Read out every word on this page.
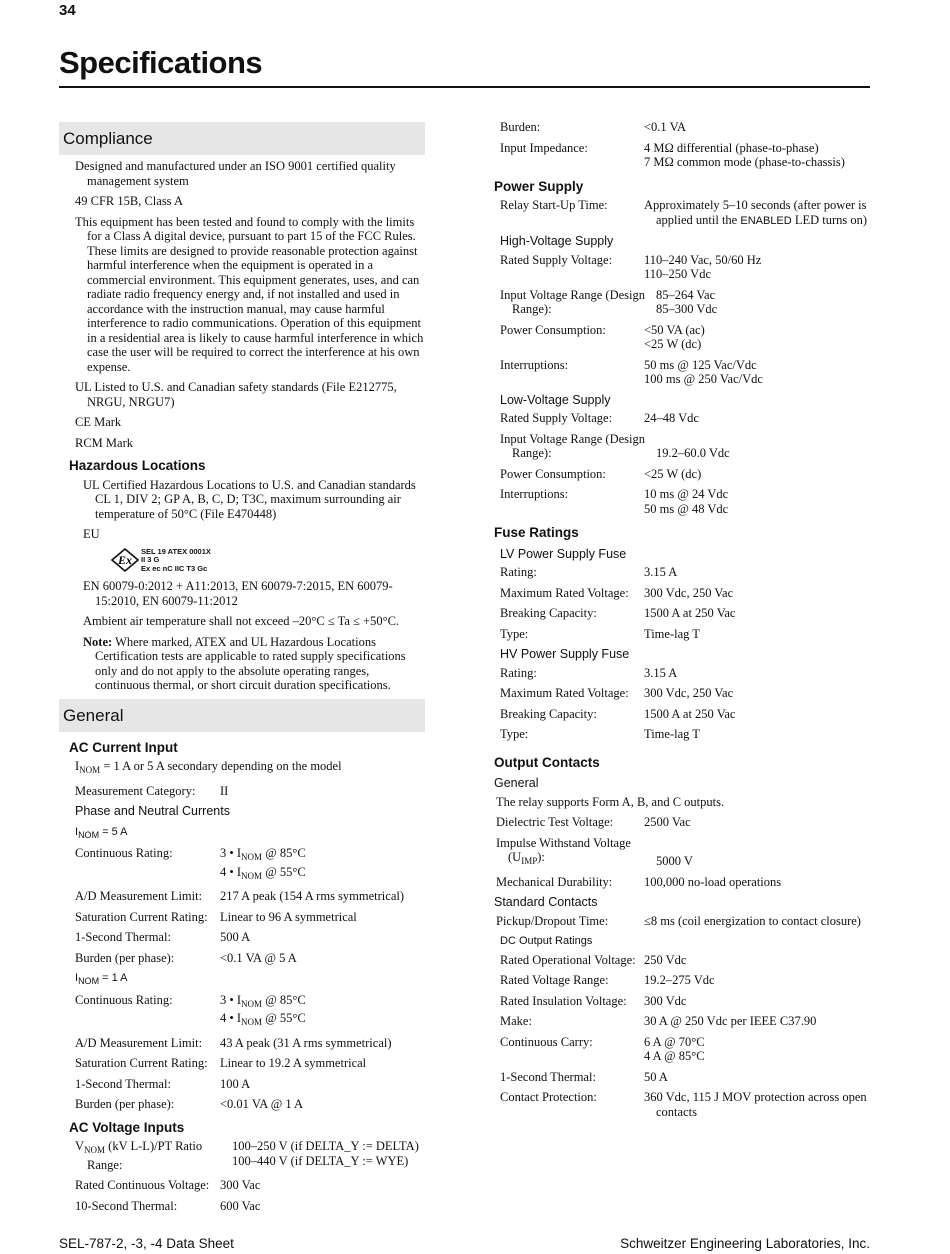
34
Specifications
Compliance

Designed and manufactured under an ISO 9001 certified quality management system

49 CFR 15B, Class A

This equipment has been tested and found to comply with the limits for a Class A digital device, pursuant to part 15 of the FCC Rules. These limits are designed to provide reasonable protection against harmful interference when the equipment is operated in a commercial environment. This equipment generates, uses, and can radiate radio frequency energy and, if not installed and used in accordance with the instruction manual, may cause harmful interference to radio communications. Operation of this equipment in a residential area is likely to cause harmful interference in which case the user will be required to correct the interference at his own expense.

UL Listed to U.S. and Canadian safety standards (File E212775, NRGU, NRGU7)

CE Mark

RCM Mark

Hazardous Locations

UL Certified Hazardous Locations to U.S. and Canadian standards CL 1, DIV 2; GP A, B, C, D; T3C, maximum surrounding air temperature of 50°C (File E470448)

EU

Ex
SEL 19 ATEX 0001X
II 3 G
Ex ec nC IIC T3 Gc

EN 60079-0:2012 + A11:2013, EN 60079-7:2015, EN 60079-15:2010, EN 60079-11:2012

Ambient air temperature shall not exceed –20°C ≤ Ta ≤ +50°C.

Note: Where marked, ATEX and UL Hazardous Locations Certification tests are applicable to rated supply specifications only and do not apply to the absolute operating ranges, continuous thermal, or short circuit duration specifications.

General
AC Current Input
$I_{NOM} = 1$ A or 5 A secondary depending on the model
Measurement Category:	II
Phase and Neutral Currents
$I_{NOM} = 5$ A
Continuous Rating:	3 • $I_{NOM}$ @ 85°C
4 • $I_{NOM}$ @ 55°C
A/D Measurement Limit:	217 A peak (154 A rms symmetrical)
Saturation Current Rating: Linear to 96 A symmetrical
1-Second Thermal:	500 A
Burden (per phase):	<0.1 VA @ 5 A
$I_{NOM} = 1$ A
Continuous Rating:	3 • $I_{NOM}$ @ 85°C
4 • $I_{NOM}$ @ 55°C
A/D Measurement Limit:	43 A peak (31 A rms symmetrical)
Saturation Current Rating: Linear to 19.2 A symmetrical
1-Second Thermal:	100 A
Burden (per phase):	<0.01 VA @ 1 A
AC Voltage Inputs
$V_{NOM}$ (kV L-L)/PT Ratio Range:
100–250 V (if DELTA_Y := DELTA)
100–440 V (if DELTA_Y := WYE)
Rated Continuous Voltage: 300 Vac
10-Second Thermal:	600 Vac
Burden:	<0.1 VA
Input Impedance:	4 MΩ differential (phase-to-phase)
7 MΩ common mode (phase-to-chassis)
Power Supply
Relay Start-Up Time:	Approximately 5–10 seconds (after power is applied until the ENABLED LED turns on)
High-Voltage Supply
Rated Supply Voltage:	110–240 Vac, 50/60 Hz
110–250 Vdc
Input Voltage Range (Design Range):
85–264 Vac
85–300 Vdc
Power Consumption:	<50 VA (ac)
<25 W (dc)
Interruptions:	50 ms @ 125 Vac/Vdc
100 ms @ 250 Vac/Vdc
Low-Voltage Supply
Rated Supply Voltage:	24–48 Vdc
Input Voltage Range (Design Range):	19.2–60.0 Vdc
Power Consumption:	<25 W (dc)
Interruptions:	10 ms @ 24 Vdc
50 ms @ 48 Vdc
Fuse Ratings
LV Power Supply Fuse
Rating:	3.15 A
Maximum Rated Voltage:	300 Vdc, 250 Vac
Breaking Capacity:	1500 A at 250 Vac
Type:	Time-lag T
HV Power Supply Fuse
Rating:	3.15 A
Maximum Rated Voltage:	300 Vdc, 250 Vac
Breaking Capacity:	1500 A at 250 Vac
Type:	Time-lag T
Output Contacts
General
The relay supports Form A, B, and C outputs.
Dielectric Test Voltage:	2500 Vac
Impulse Withstand Voltage $(U_{IMP})$:	5000 V
Mechanical Durability:	100,000 no-load operations
Standard Contacts
Pickup/Dropout Time:	≤8 ms (coil energization to contact closure)
DC Output Ratings
Rated Operational Voltage: 250 Vdc
Rated Voltage Range:	19.2–275 Vdc
Rated Insulation Voltage:	300 Vdc
Make:	30 A @ 250 Vdc per IEEE C37.90
Continuous Carry:	6 A @ 70°C
4 A @ 85°C
1-Second Thermal:	50 A
Contact Protection:	360 Vdc, 115 J MOV protection across open contacts
SEL-787-2, -3, -4 Data Sheet	Schweitzer Engineering Laboratories, Inc.
